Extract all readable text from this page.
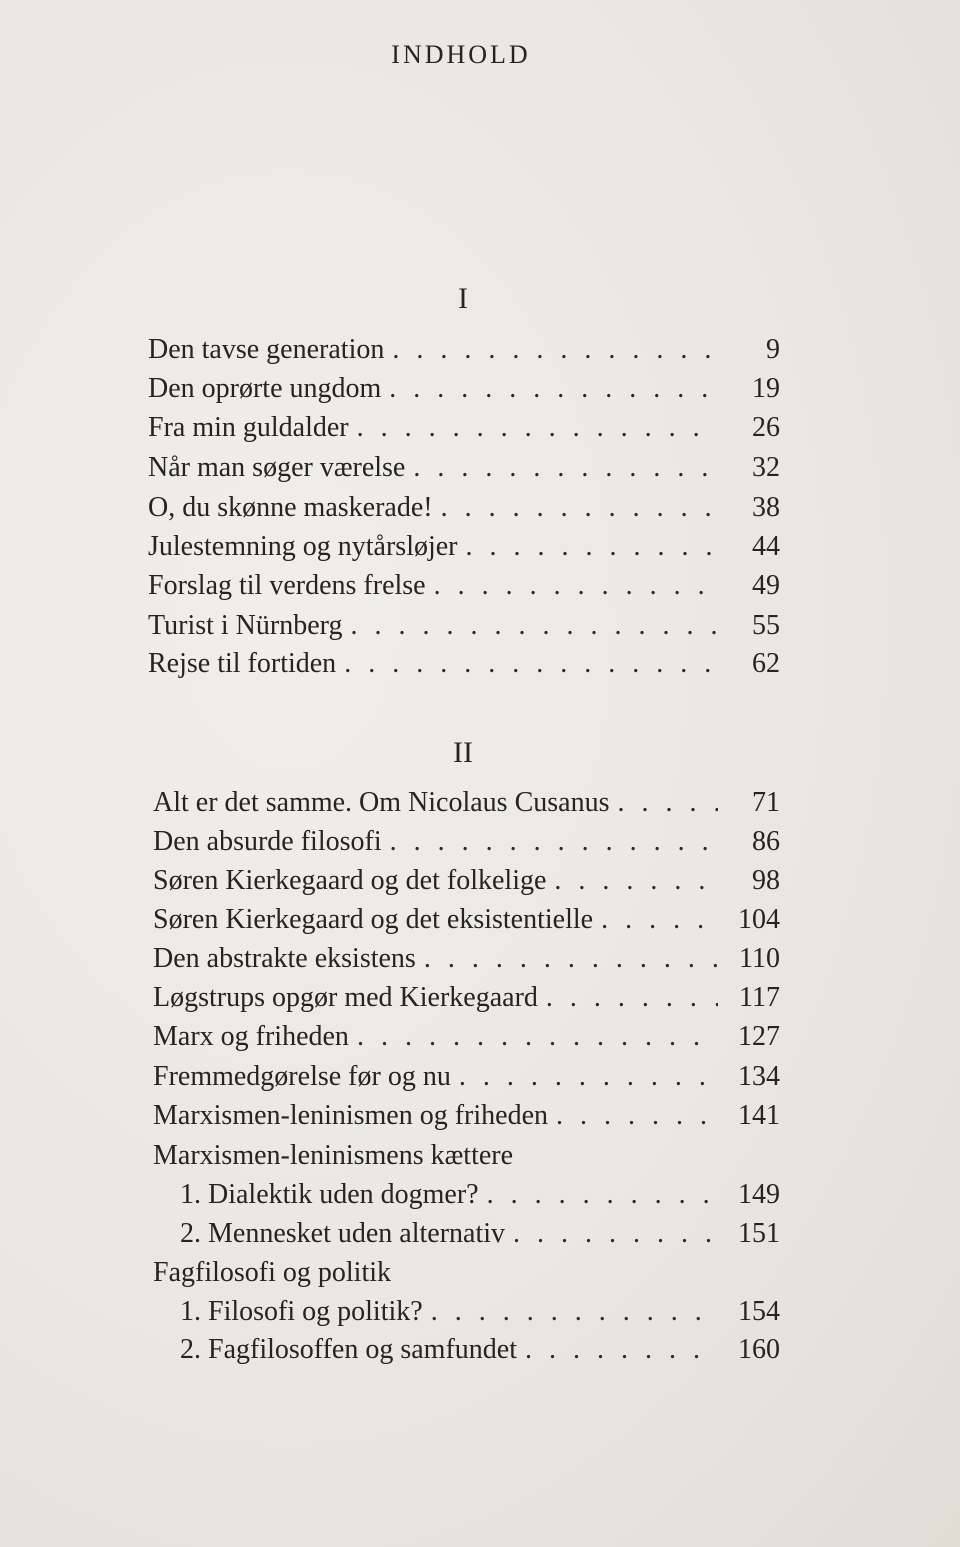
INDHOLD
I
Den tavse generation . . .	9
Den oprørte ungdom . . .	19
Fra min guldalder . . .	26
Når man søger værelse . . .	32
O, du skønne maskerade! . . .	38
Julestemning og nytårsløjer . . .	44
Forslag til verdens frelse . . .	49
Turist i Nürnberg . . .	55
Rejse til fortiden . . .	62
II
Alt er det samme. Om Nicolaus Cusanus . . .	71
Den absurde filosofi . . .	86
Søren Kierkegaard og det folkelige . . .	98
Søren Kierkegaard og det eksistentielle . . .	104
Den abstrakte eksistens . . .	110
Løgstrups opgør med Kierkegaard . . .	117
Marx og friheden . . .	127
Fremmedgørelse før og nu . . .	134
Marxismen-leninismen og friheden . . .	141
Marxismen-leninismens kættere
1. Dialektik uden dogmer? . . .	149
2. Mennesket uden alternativ . . .	151
Fagfilosofi og politik
1. Filosofi og politik? . . .	154
2. Fagfilosoffen og samfundet . . .	160
